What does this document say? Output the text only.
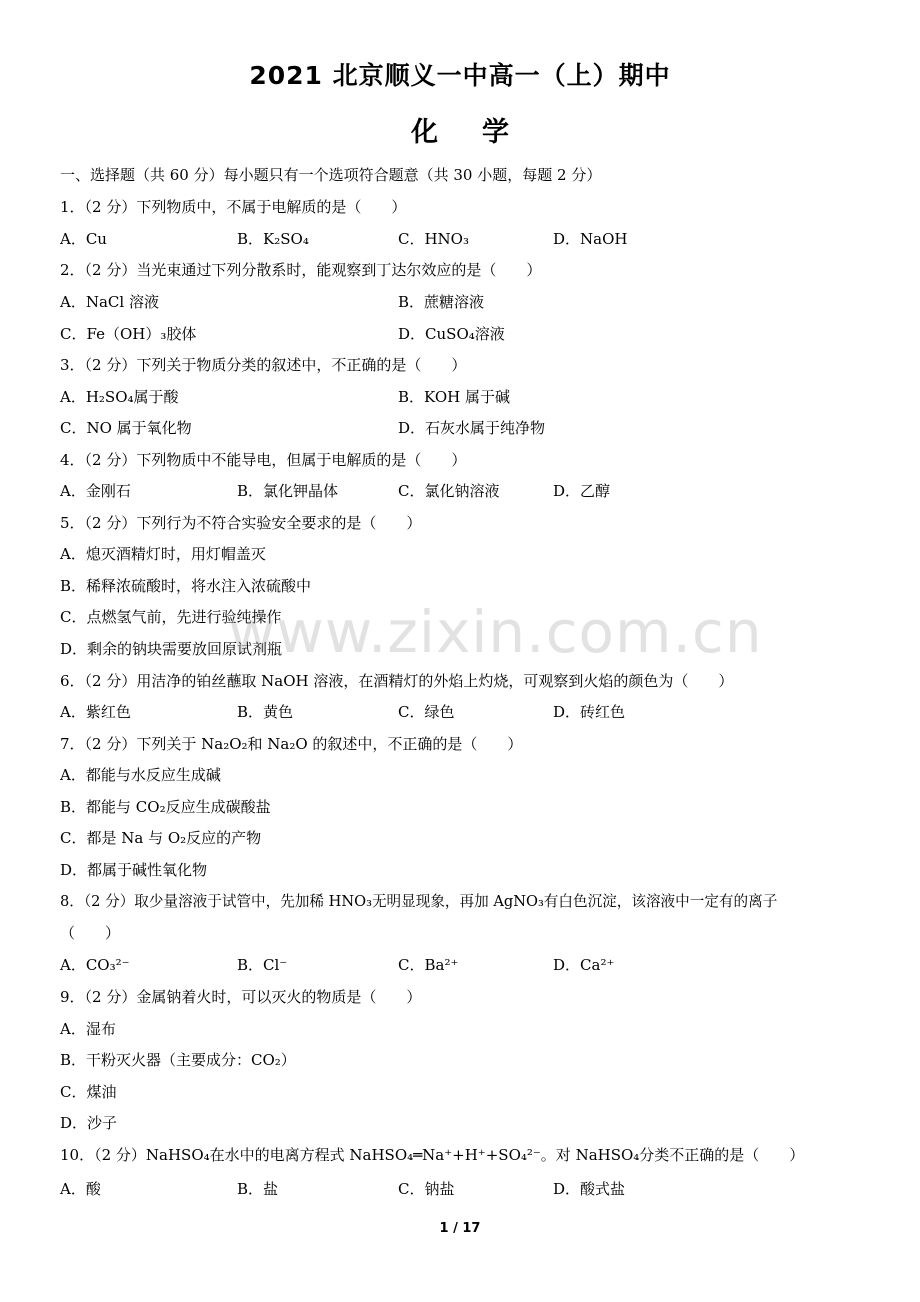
2021 北京顺义一中高一（上）期中
化学
一、选择题（共 60 分）每小题只有一个选项符合题意（共 30 小题，每题 2 分）
1．（2 分）下列物质中，不属于电解质的是（　　）
A．Cu	B．K₂SO₄	C．HNO₃	D．NaOH
2．（2 分）当光束通过下列分散系时，能观察到丁达尔效应的是（　　）
A．NaCl 溶液	B．蔗糖溶液
C．Fe（OH）₃胶体	D．CuSO₄溶液
3．（2 分）下列关于物质分类的叙述中，不正确的是（　　）
A．H₂SO₄属于酸	B．KOH 属于碱
C．NO 属于氧化物	D．石灰水属于纯净物
4．（2 分）下列物质中不能导电，但属于电解质的是（　　）
A．金刚石	B．氯化钾晶体	C．氯化钠溶液	D．乙醇
5．（2 分）下列行为不符合实验安全要求的是（　　）
A．熄灭酒精灯时，用灯帽盖灭
B．稀释浓硫酸时，将水注入浓硫酸中
C．点燃氢气前，先进行验纯操作
D．剩余的钠块需要放回原试剂瓶
6．（2 分）用洁净的铂丝蘸取 NaOH 溶液，在酒精灯的外焰上灼烧，可观察到火焰的颜色为（　　）
A．紫红色	B．黄色	C．绿色	D．砖红色
7．（2 分）下列关于 Na₂O₂和 Na₂O 的叙述中，不正确的是（　　）
A．都能与水反应生成碱
B．都能与 CO₂反应生成碳酸盐
C．都是 Na 与 O₂反应的产物
D．都属于碱性氧化物
8．（2 分）取少量溶液于试管中，先加稀 HNO₃无明显现象，再加 AgNO₃有白色沉淀，该溶液中一定有的离子
（　　）
A．CO₃²⁻	B．Cl⁻	C．Ba²⁺	D．Ca²⁺
9．（2 分）金属钠着火时，可以灭火的物质是（　　）
A．湿布
B．干粉灭火器（主要成分：CO₂）
C．煤油
D．沙子
10．（2 分）NaHSO₄在水中的电离方程式 NaHSO₄═Na⁺+H⁺+SO₄²⁻。对 NaHSO₄分类不正确的是（　　）
A．酸	B．盐	C．钠盐	D．酸式盐
www.zixin.com.cn
1 / 17
